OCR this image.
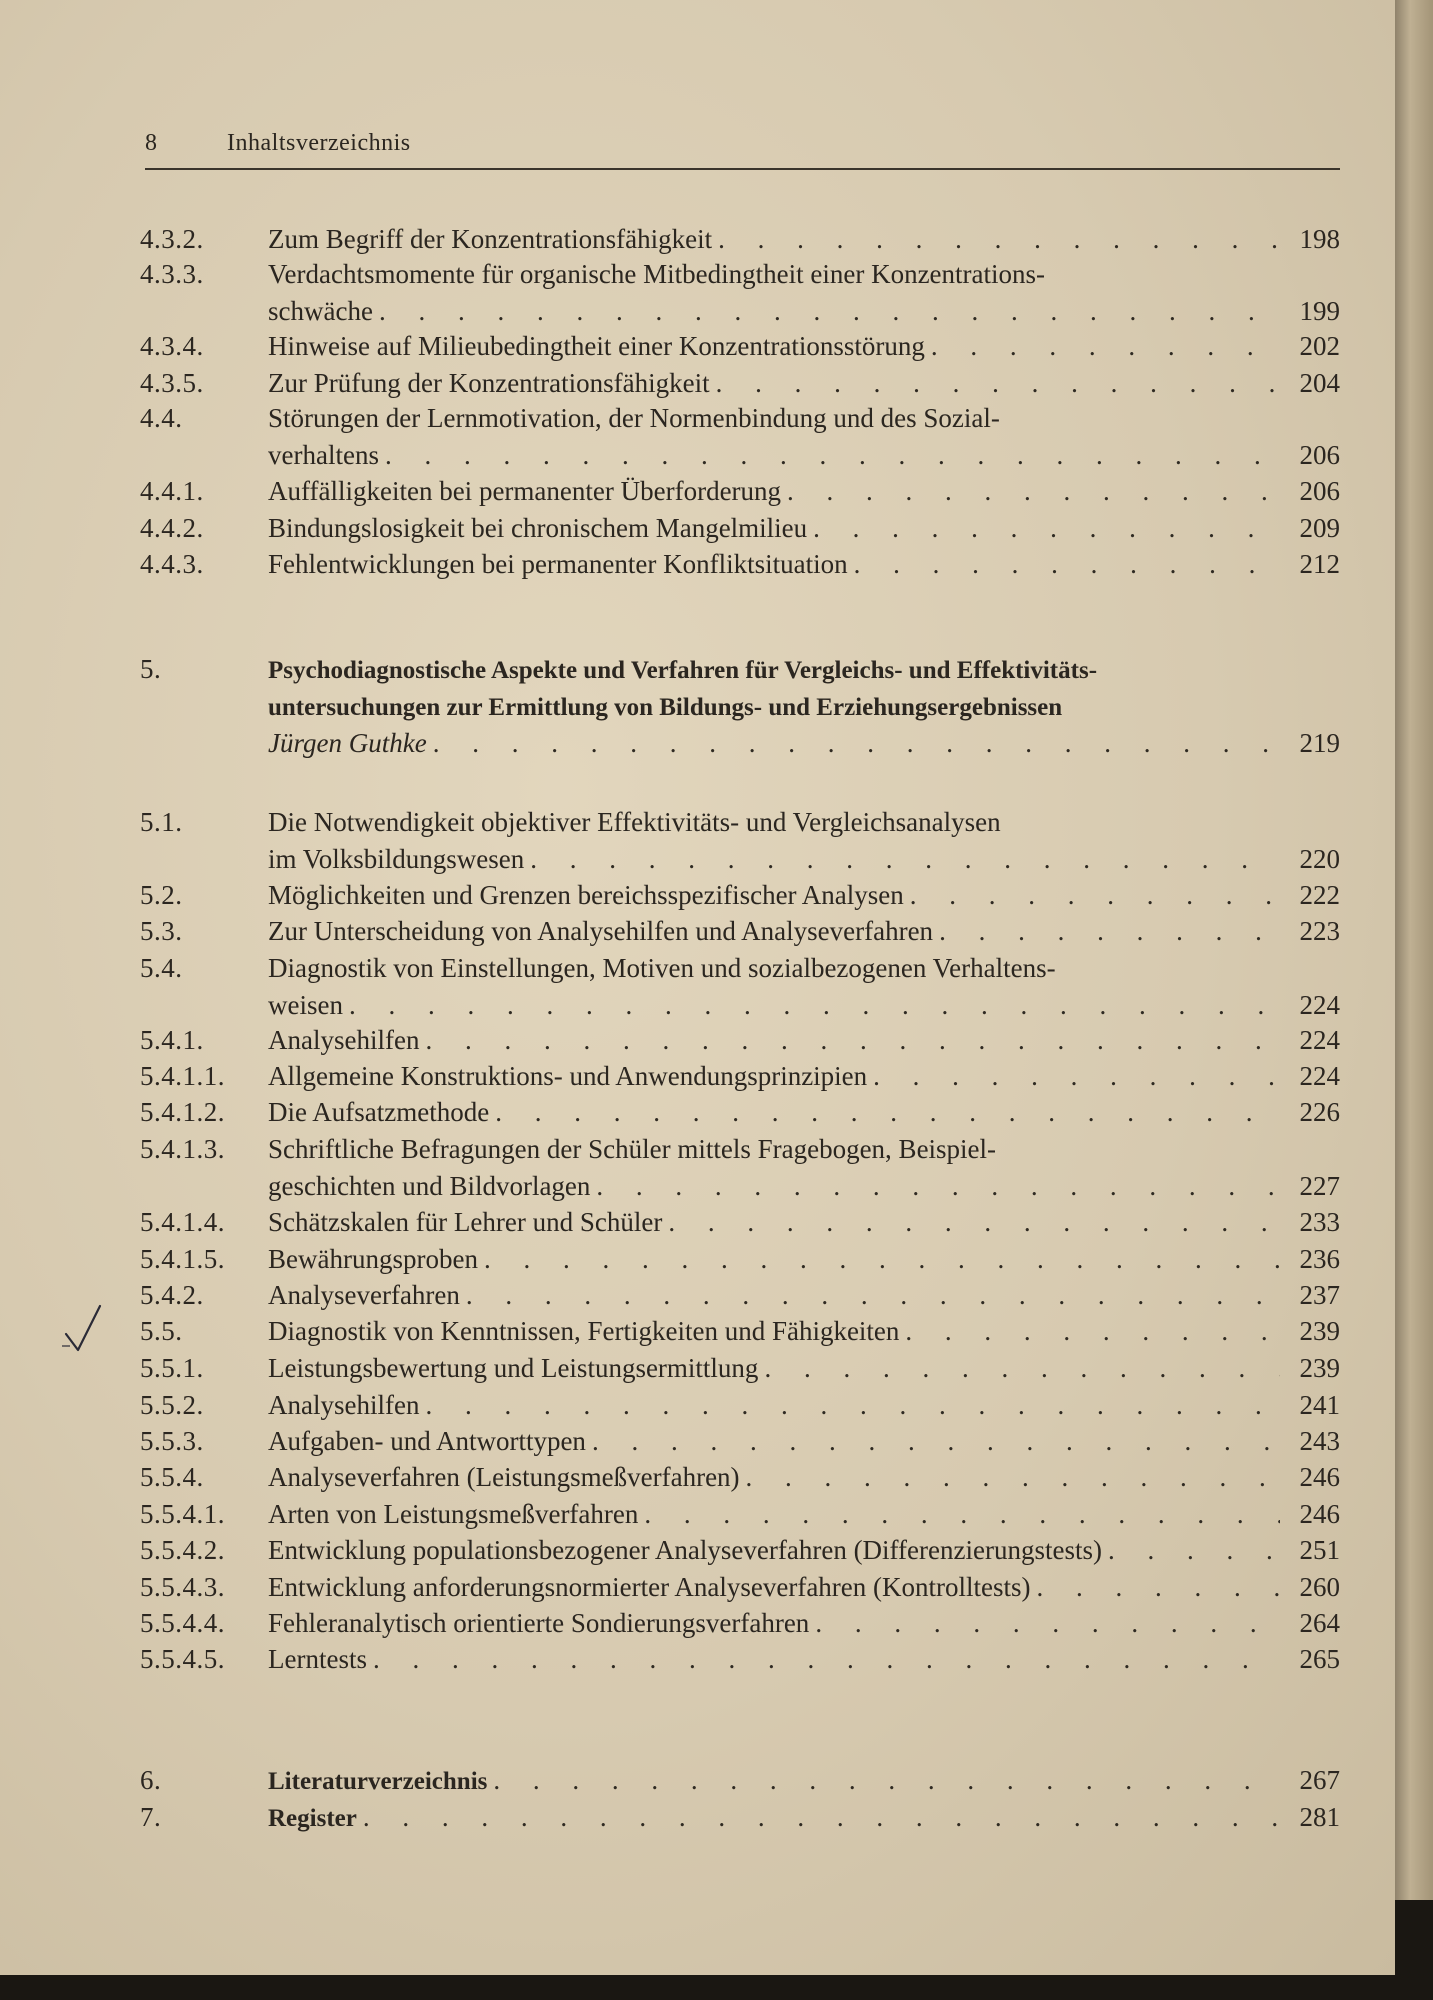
8	Inhaltsverzeichnis
4.3.2.	Zum Begriff der Konzentrationsfähigkeit . . .	198
4.3.3.	Verdachtsmomente für organische Mitbedingtheit einer Konzentrations-
schwäche . . .	199
4.3.4.	Hinweise auf Milieubedingtheit einer Konzentrationsstörung . . .	202
4.3.5.	Zur Prüfung der Konzentrationsfähigkeit . . .	204
4.4.	Störungen der Lernmotivation, der Normenbindung und des Sozial-
verhaltens . . .	206
4.4.1.	Auffälligkeiten bei permanenter Überforderung . . .	206
4.4.2.	Bindungslosigkeit bei chronischem Mangelmilieu . . .	209
4.4.3.	Fehlentwicklungen bei permanenter Konfliktsituation . . .	212
5.	Psychodiagnostische Aspekte und Verfahren für Vergleichs- und Effektivitäts-
untersuchungen zur Ermittlung von Bildungs- und Erziehungsergebnissen
Jürgen Guthke . . .	219
5.1.	Die Notwendigkeit objektiver Effektivitäts- und Vergleichsanalysen
im Volksbildungswesen . . .	220
5.2.	Möglichkeiten und Grenzen bereichsspezifischer Analysen . . .	222
5.3.	Zur Unterscheidung von Analysehilfen und Analyseverfahren . . .	223
5.4.	Diagnostik von Einstellungen, Motiven und sozialbezogenen Verhaltens-
weisen . . .	224
5.4.1.	Analysehilfen . . .	224
5.4.1.1.	Allgemeine Konstruktions- und Anwendungsprinzipien . . .	224
5.4.1.2.	Die Aufsatzmethode . . .	226
5.4.1.3.	Schriftliche Befragungen der Schüler mittels Fragebogen, Beispiel-
geschichten und Bildvorlagen . . .	227
5.4.1.4.	Schätzskalen für Lehrer und Schüler . . .	233
5.4.1.5.	Bewährungsproben . . .	236
5.4.2.	Analyseverfahren . . .	237
5.5.	Diagnostik von Kenntnissen, Fertigkeiten und Fähigkeiten . . .	239
5.5.1.	Leistungsbewertung und Leistungsermittlung . . .	239
5.5.2.	Analysehilfen . . .	241
5.5.3.	Aufgaben- und Antworttypen . . .	243
5.5.4.	Analyseverfahren (Leistungsmeßverfahren) . . .	246
5.5.4.1.	Arten von Leistungsmeßverfahren . . .	246
5.5.4.2.	Entwicklung populationsbezogener Analyseverfahren (Differenzierungstests) . . .	251
5.5.4.3.	Entwicklung anforderungsnormierter Analyseverfahren (Kontrolltests) . . .	260
5.5.4.4.	Fehleranalytisch orientierte Sondierungsverfahren . . .	264
5.5.4.5.	Lerntests . . .	265
6.	Literaturverzeichnis . . .	267
7.	Register . . .	281
